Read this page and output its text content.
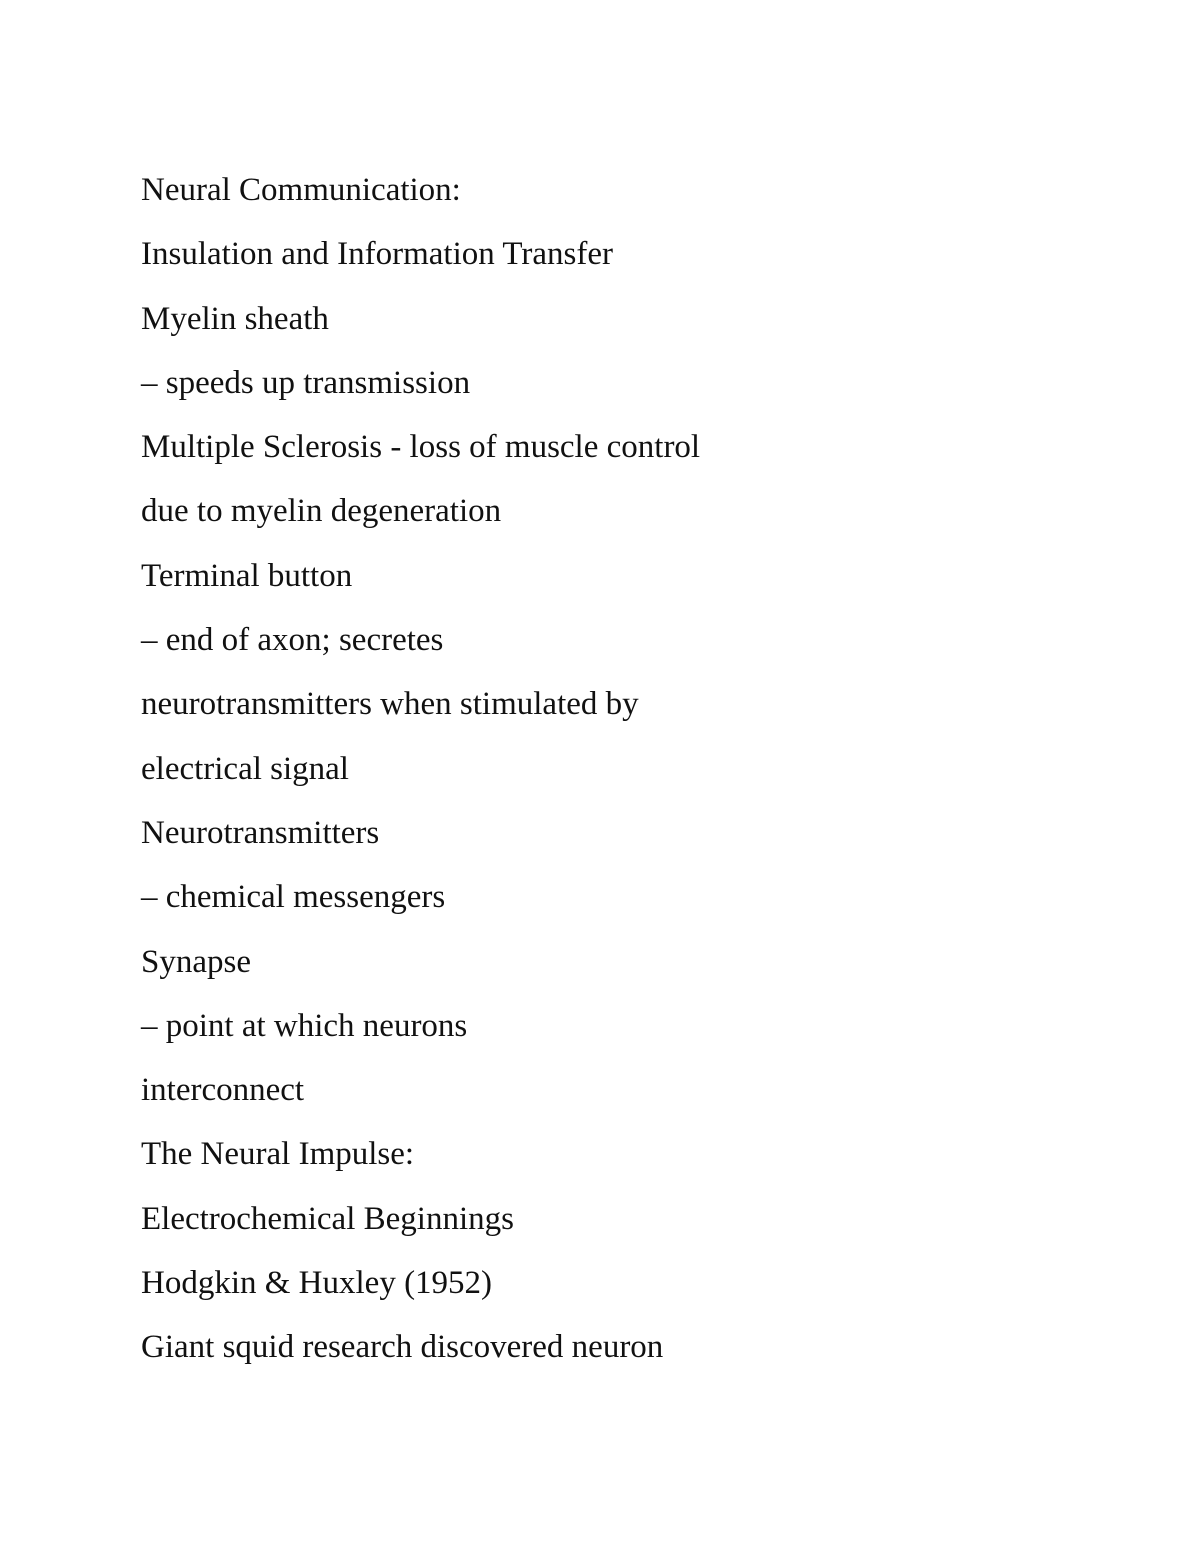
Neural Communication:

Insulation and Information Transfer

Myelin sheath

– speeds up transmission

Multiple Sclerosis - loss of muscle control

due to myelin degeneration

Terminal button

– end of axon; secretes

neurotransmitters when stimulated by

electrical signal

Neurotransmitters

– chemical messengers

Synapse

– point at which neurons

interconnect

The Neural Impulse:

Electrochemical Beginnings

Hodgkin & Huxley (1952)

Giant squid research discovered neuron
